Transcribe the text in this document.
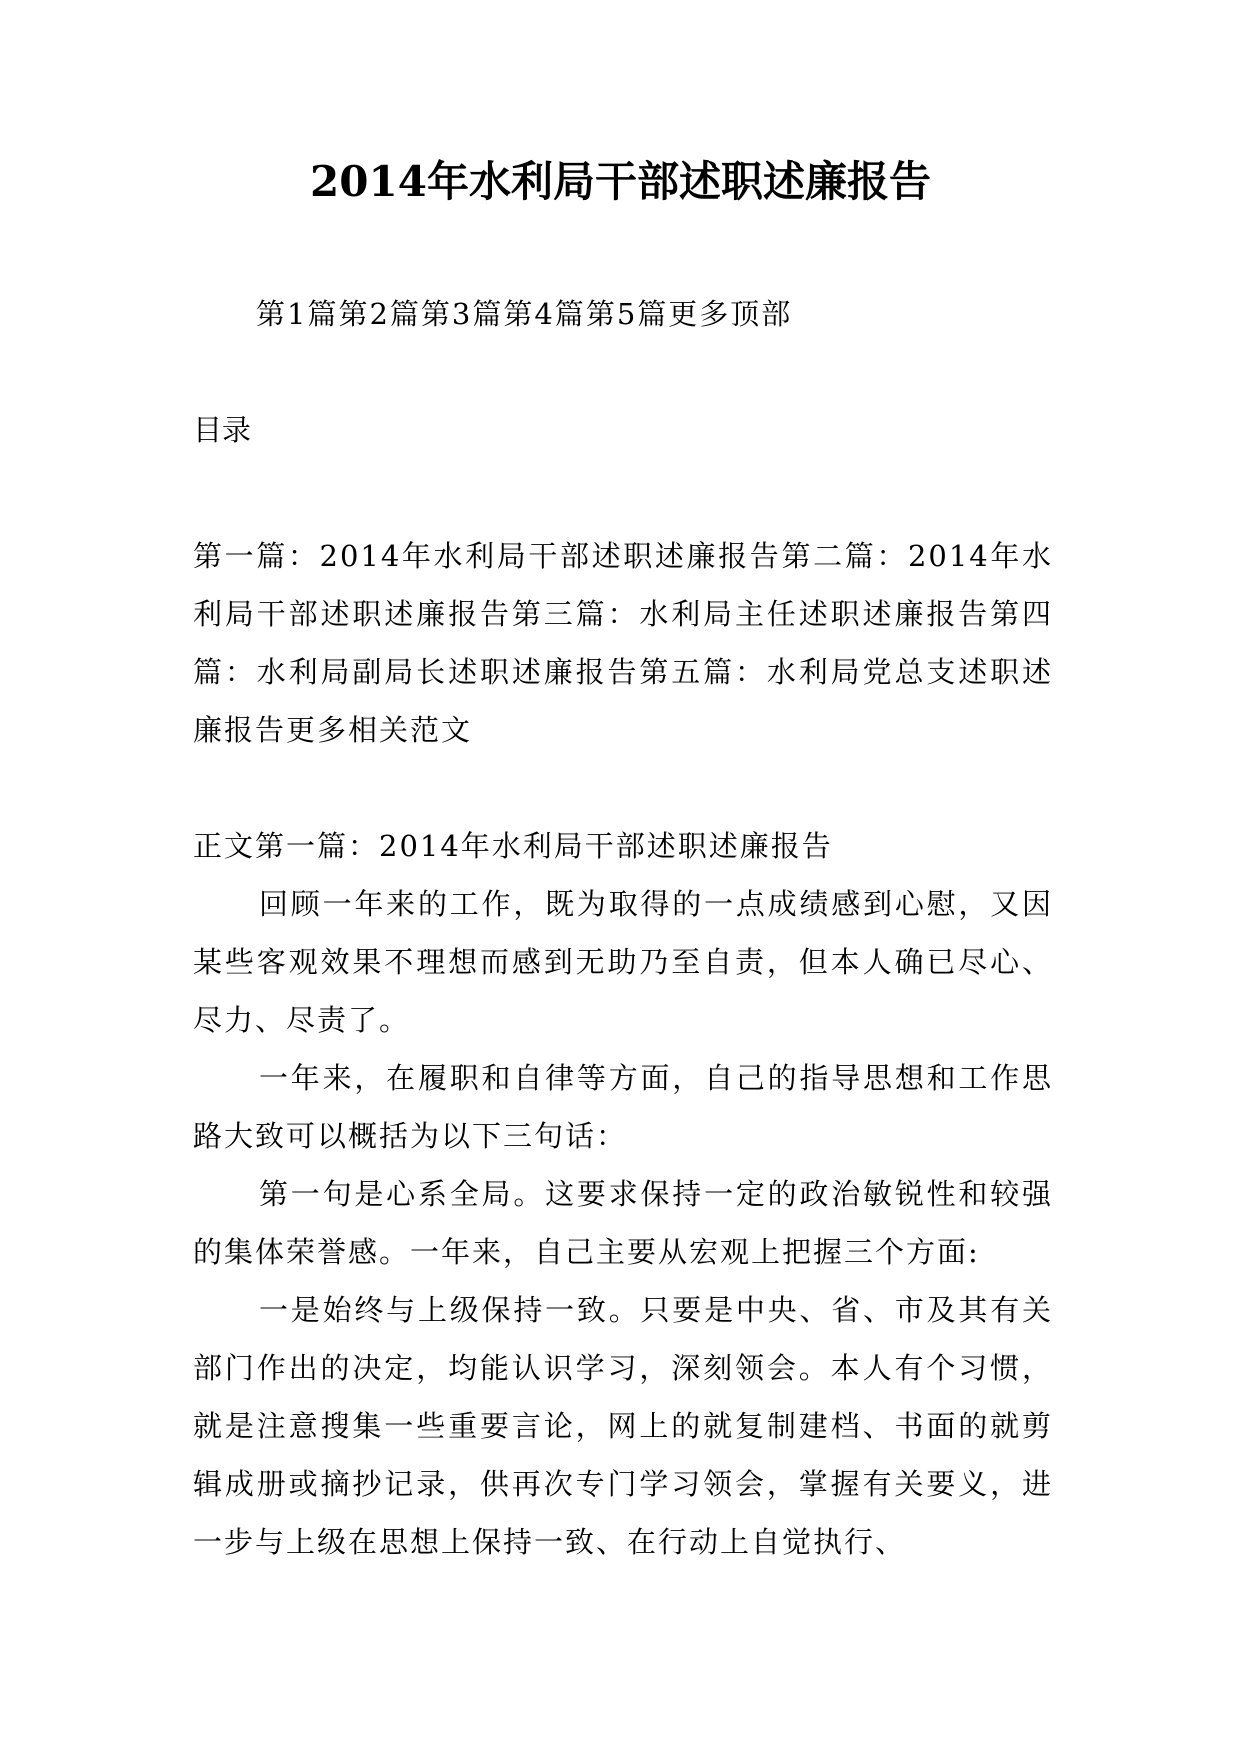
2014年水利局干部述职述廉报告
第1篇第2篇第3篇第4篇第5篇更多顶部
目录
第一篇：2014年水利局干部述职述廉报告第二篇：2014年水利局干部述职述廉报告第三篇：水利局主任述职述廉报告第四篇：水利局副局长述职述廉报告第五篇：水利局党总支述职述廉报告更多相关范文

正文第一篇：2014年水利局干部述职述廉报告

回顾一年来的工作，既为取得的一点成绩感到心慰，又因某些客观效果不理想而感到无助乃至自责，但本人确已尽心、尽力、尽责了。

一年来，在履职和自律等方面，自己的指导思想和工作思路大致可以概括为以下三句话：

第一句是心系全局。这要求保持一定的政治敏锐性和较强的集体荣誉感。一年来，自己主要从宏观上把握三个方面:

一是始终与上级保持一致。只要是中央、省、市及其有关部门作出的决定，均能认识学习，深刻领会。本人有个习惯，就是注意搜集一些重要言论，网上的就复制建档、书面的就剪辑成册或摘抄记录，供再次专门学习领会，掌握有关要义，进一步与上级在思想上保持一致、在行动上自觉执行、
